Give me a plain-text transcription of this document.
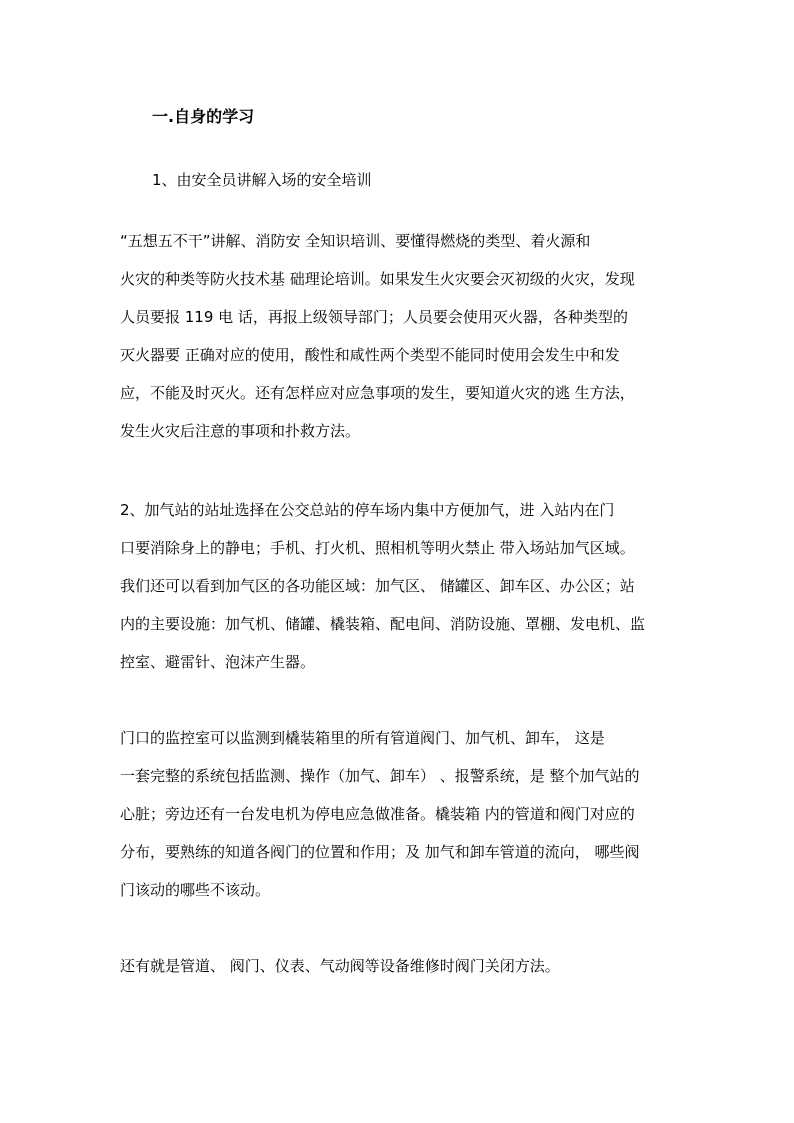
一.自身的学习
1、由安全员讲解入场的安全培训
“五想五不干”讲解、消防安 全知识培训、要懂得燃烧的类型、着火源和
火灾的种类等防火技术基 础理论培训。如果发生火灾要会灭初级的火灾，发现
人员要报 119 电 话，再报上级领导部门；人员要会使用灭火器，各种类型的
灭火器要 正确对应的使用，酸性和咸性两个类型不能同时使用会发生中和发
应，不能及时灭火。还有怎样应对应急事项的发生，要知道火灾的逃 生方法，
发生火灾后注意的事项和扑救方法。
2、加气站的站址选择在公交总站的停车场内集中方便加气，进 入站内在门
口要消除身上的静电；手机、打火机、照相机等明火禁止 带入场站加气区域。
我们还可以看到加气区的各功能区域：加气区、 储罐区、卸车区、办公区；站
内的主要设施：加气机、储罐、橇装箱、配电间、消防设施、罩棚、发电机、监
控室、避雷针、泡沫产生器。
门口的监控室可以监测到橇装箱里的所有管道阀门、加气机、卸车， 这是
一套完整的系统包括监测、操作（加气、卸车） 、报警系统，是 整个加气站的
心脏；旁边还有一台发电机为停电应急做准备。橇装箱 内的管道和阀门对应的
分布，要熟练的知道各阀门的位置和作用；及 加气和卸车管道的流向， 哪些阀
门该动的哪些不该动。
还有就是管道、 阀门、仪表、气动阀等设备维修时阀门关闭方法。
